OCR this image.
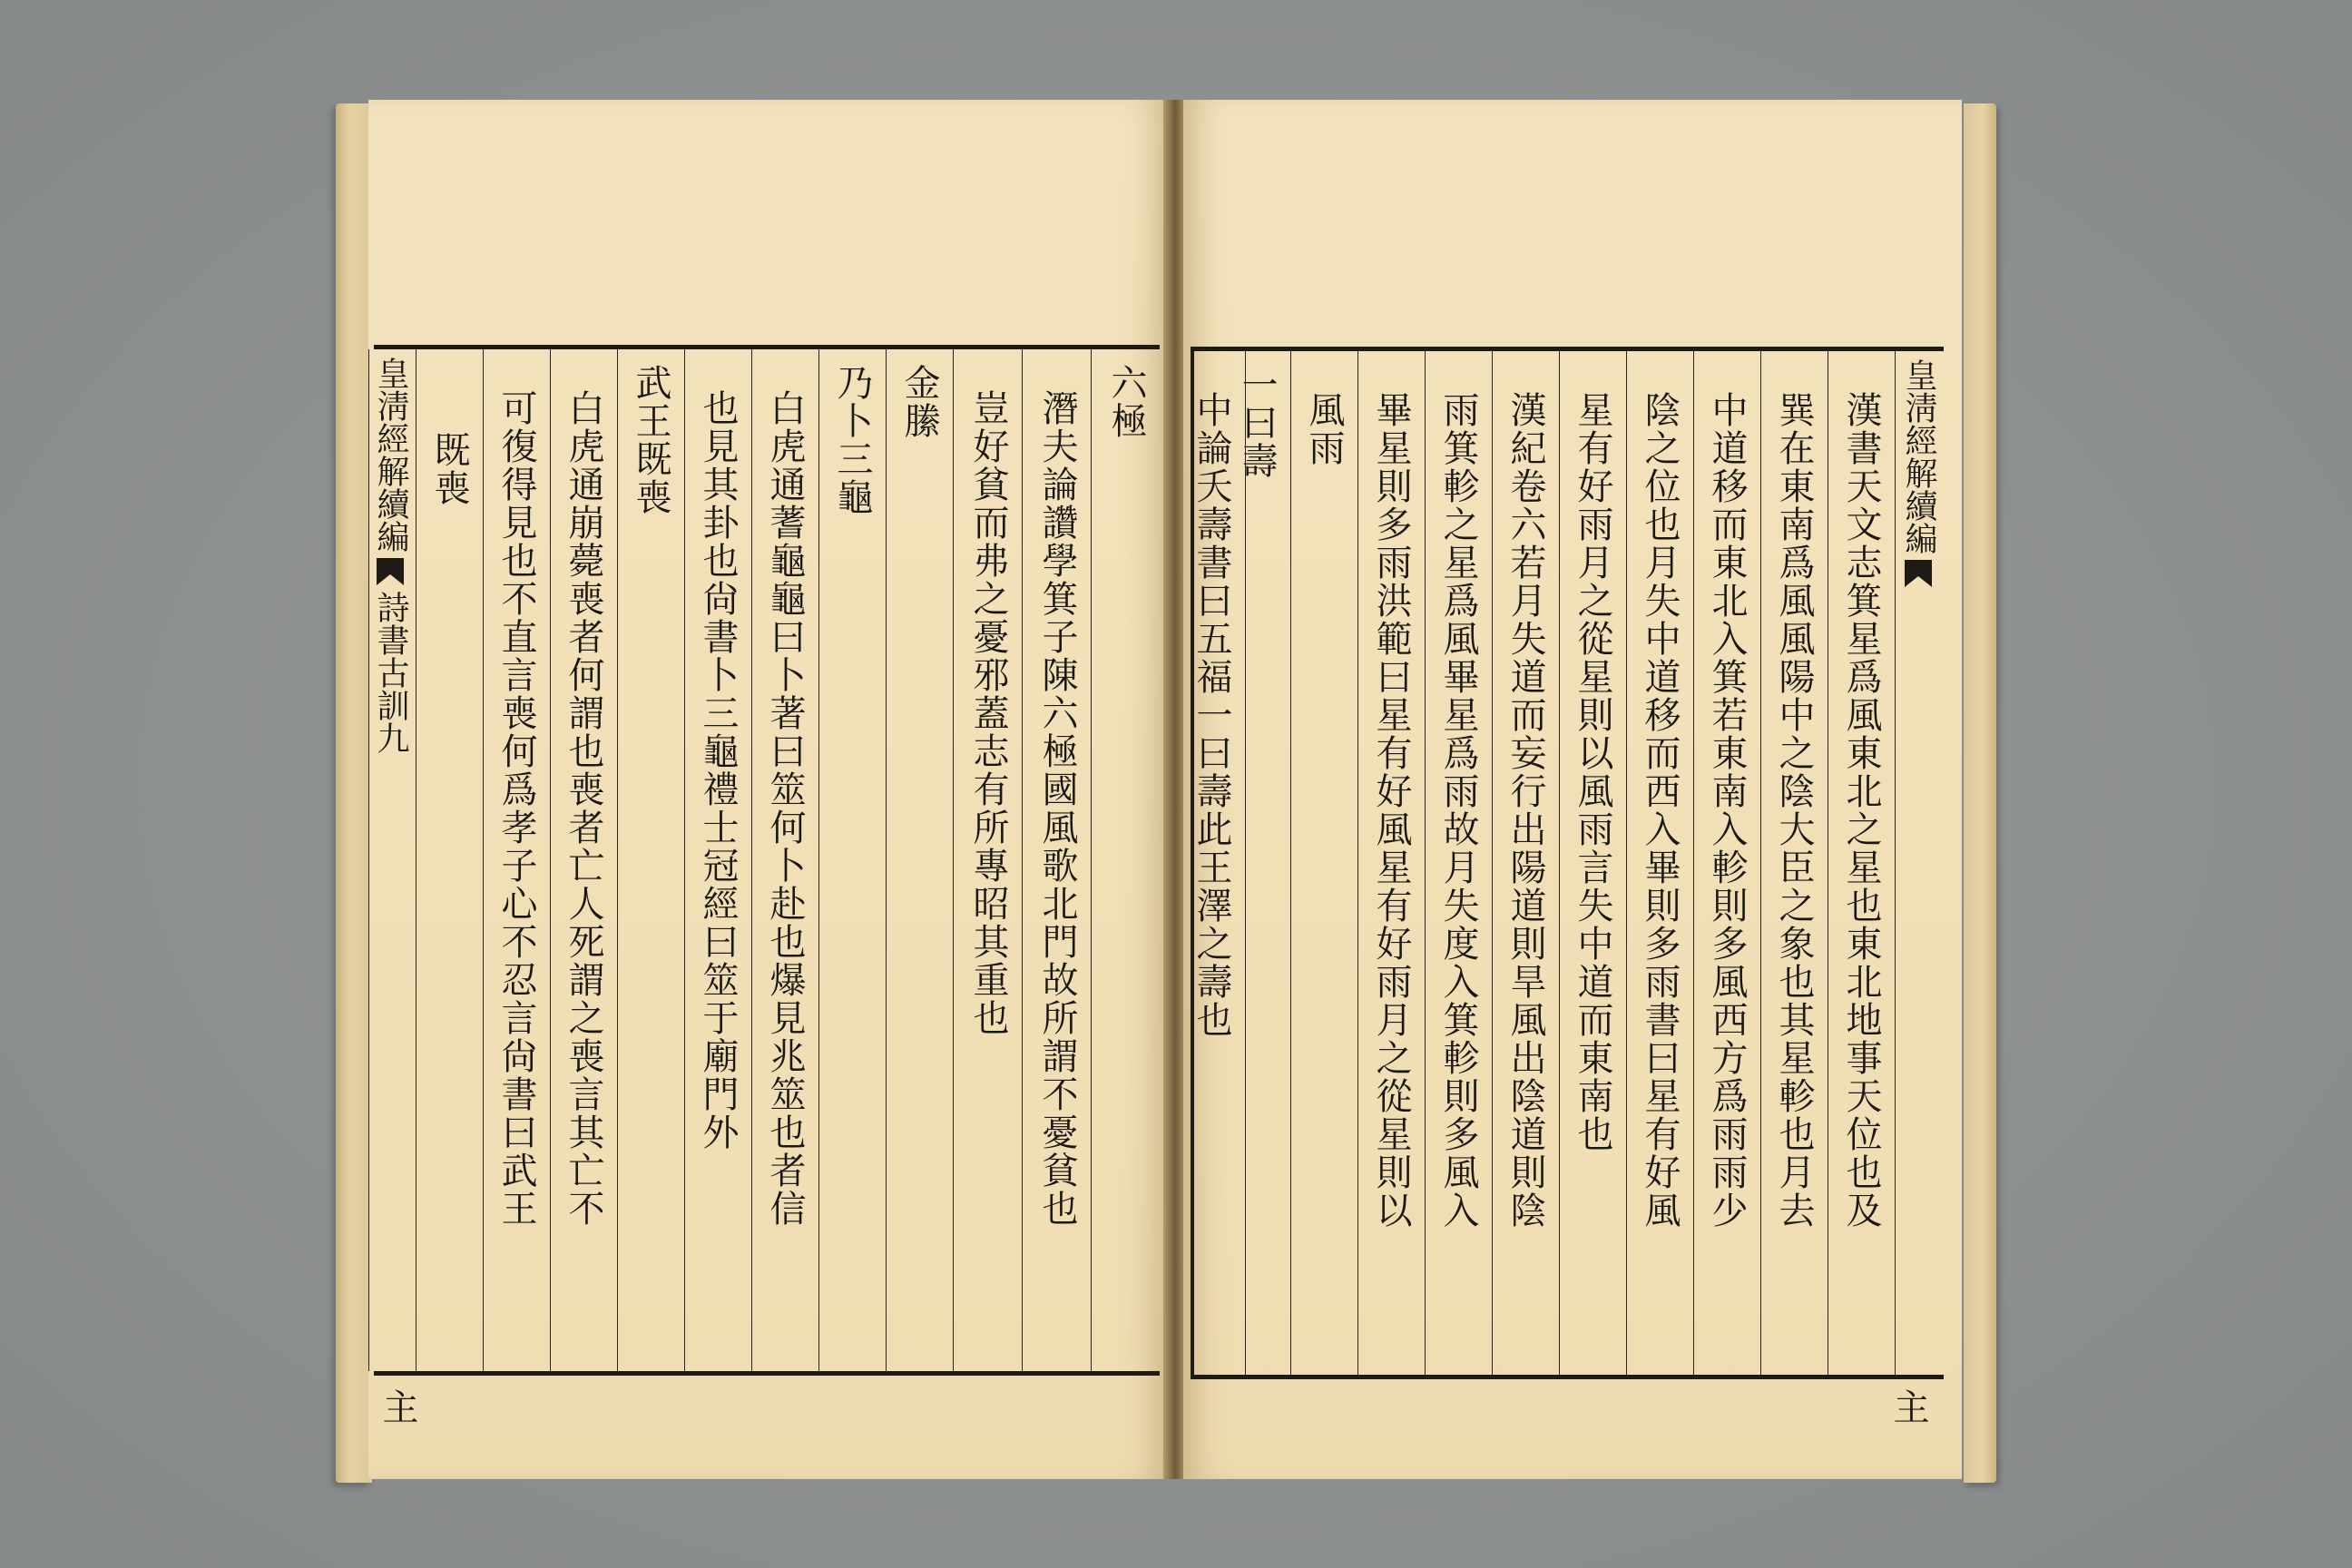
六極
潛夫論讚學箕子陳六極國風歌北門故所謂不憂貧也
豈好貧而弗之憂邪蓋志有所專昭其重也
金縢
乃卜三龜
白虎通蓍龜龜曰卜著曰筮何卜赴也爆見兆筮也者信
也見其卦也尙書卜三龜禮士冠經曰筮于廟門外
武王既喪
白虎通崩薨喪者何謂也喪者亡人死謂之喪言其亡不
可復得見也不直言喪何爲孝子心不忍言尙書曰武王
既喪
皇淸經解續編詩書古訓九
主
皇淸經解續編
漢書天文志箕星爲風東北之星也東北地事天位也及
巽在東南爲風風陽中之陰大臣之象也其星軫也月去
中道移而東北入箕若東南入軫則多風西方爲雨雨少
陰之位也月失中道移而西入畢則多雨書曰星有好風
星有好雨月之從星則以風雨言失中道而東南也
漢紀卷六若月失道而妄行出陽道則旱風出陰道則陰
雨箕軫之星爲風畢星爲雨故月失度入箕軫則多風入
畢星則多雨洪範曰星有好風星有好雨月之從星則以
風雨
一曰壽
中論夭壽書曰五福一曰壽此王澤之壽也
主
